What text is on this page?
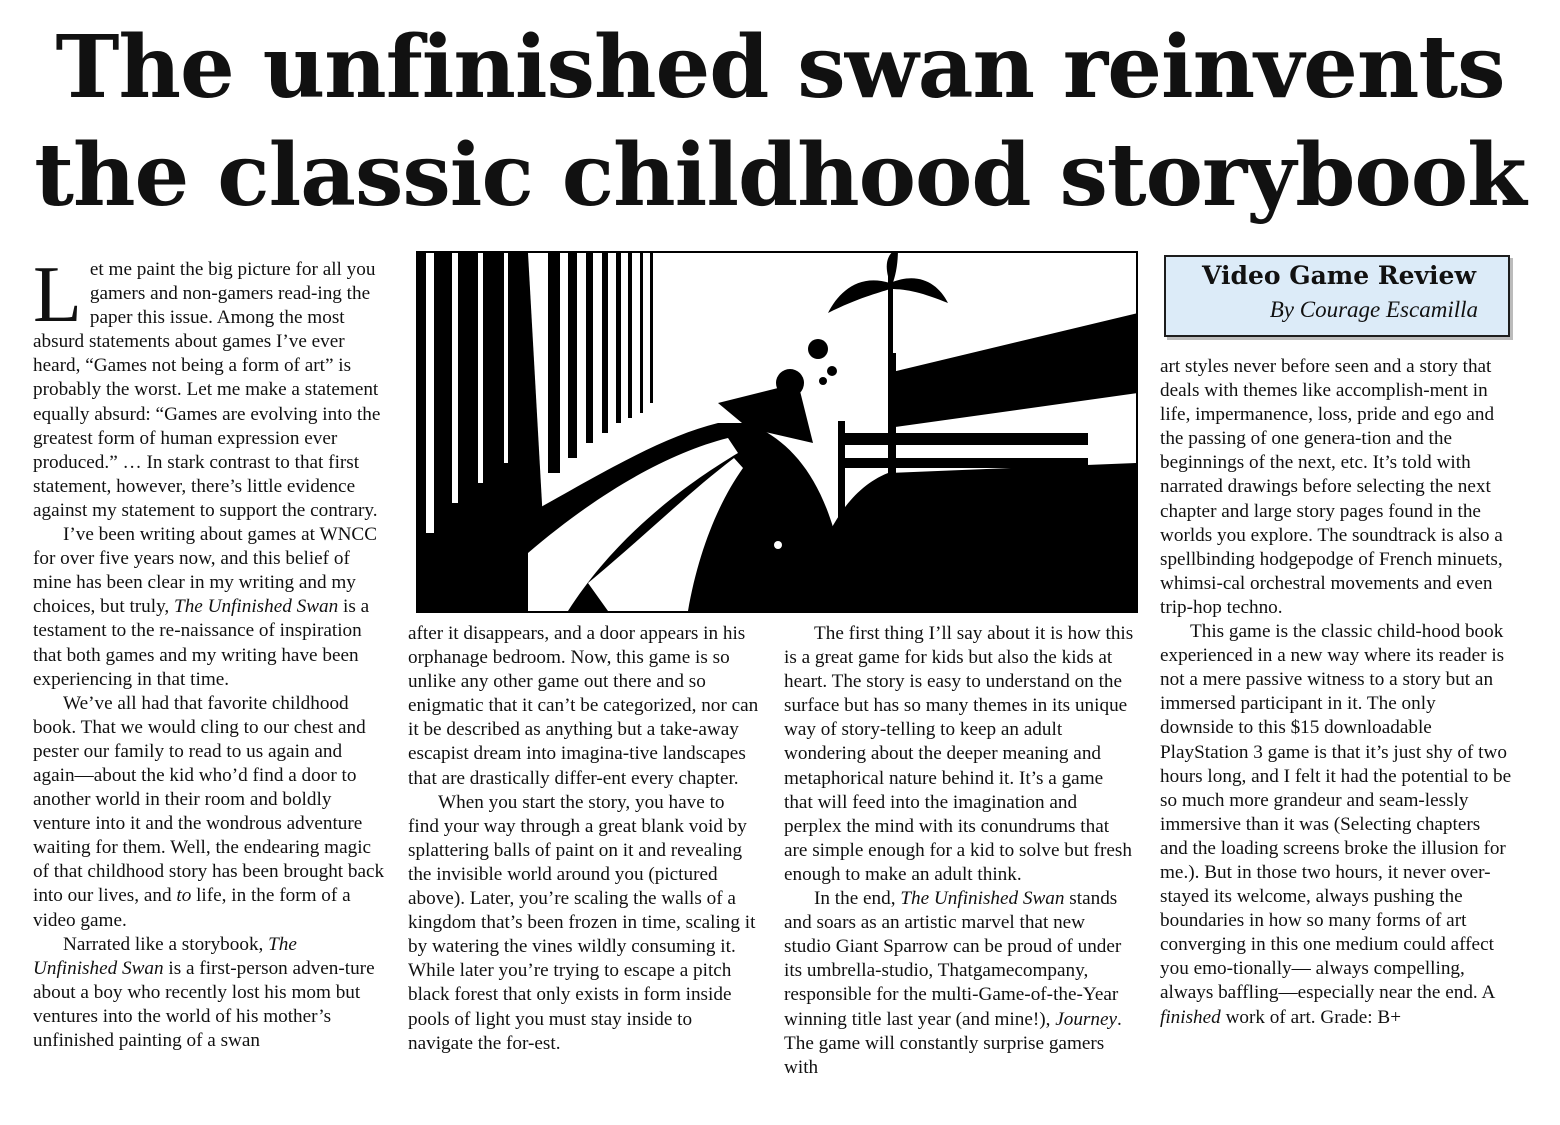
The unfinished swan reinvents
the classic childhood storybook

Let me paint the big picture for all you gamers and non-gamers read-ing the paper this issue. Among the most absurd statements about games I’ve ever heard, “Games not being a form of art” is probably the worst. Let me make a statement equally absurd: “Games are evolving into the greatest form of human expression ever produced.” … In stark contrast to that first statement, however, there’s little evidence against my statement to support the contrary.

I’ve been writing about games at WNCC for over five years now, and this belief of mine has been clear in my writing and my choices, but truly, The Unfinished Swan is a testament to the re-naissance of inspiration that both games and my writing have been experiencing in that time.

We’ve all had that favorite childhood book. That we would cling to our chest and pester our family to read to us again and again—about the kid who’d find a door to another world in their room and boldly venture into it and the wondrous adventure waiting for them. Well, the endearing magic of that childhood story has been brought back into our lives, and to life, in the form of a video game.

Narrated like a storybook, The Unfinished Swan is a first-person adven-ture about a boy who recently lost his mom but ventures into the world of his mother’s unfinished painting of a swan

after it disappears, and a door appears in his orphanage bedroom. Now, this game is so unlike any other game out there and so enigmatic that it can’t be categorized, nor can it be described as anything but a take-away escapist dream into imagina-tive landscapes that are drastically differ-ent every chapter.

When you start the story, you have to find your way through a great blank void by splattering balls of paint on it and revealing the invisible world around you (pictured above). Later, you’re scaling the walls of a kingdom that’s been frozen in time, scaling it by watering the vines wildly consuming it. While later you’re trying to escape a pitch black forest that only exists in form inside pools of light you must stay inside to navigate the for-est.

The first thing I’ll say about it is how this is a great game for kids but also the kids at heart. The story is easy to understand on the surface but has so many themes in its unique way of story-telling to keep an adult wondering about the deeper meaning and metaphorical nature behind it. It’s a game that will feed into the imagination and perplex the mind with its conundrums that are simple enough for a kid to solve but fresh enough to make an adult think.

In the end, The Unfinished Swan stands and soars as an artistic marvel that new studio Giant Sparrow can be proud of under its umbrella-studio, Thatgamecompany, responsible for the multi-Game-of-the-Year winning title last year (and mine!), Journey. The game will constantly surprise gamers with

Video Game Review
By Courage Escamilla

art styles never before seen and a story that deals with themes like accomplish-ment in life, impermanence, loss, pride and ego and the passing of one genera-tion and the beginnings of the next, etc. It’s told with narrated drawings before selecting the next chapter and large story pages found in the worlds you explore. The soundtrack is also a spellbinding hodgepodge of French minuets, whimsi-cal orchestral movements and even trip-hop techno.

This game is the classic child-hood book experienced in a new way where its reader is not a mere passive witness to a story but an immersed participant in it. The only downside to this $15 downloadable PlayStation 3 game is that it’s just shy of two hours long, and I felt it had the potential to be so much more grandeur and seam-lessly immersive than it was (Selecting chapters and the loading screens broke the illusion for me.). But in those two hours, it never over-stayed its welcome, always pushing the boundaries in how so many forms of art converging in this one medium could affect you emo-tionally— always compelling, always baffling—especially near the end. A finished work of art. Grade: B+
